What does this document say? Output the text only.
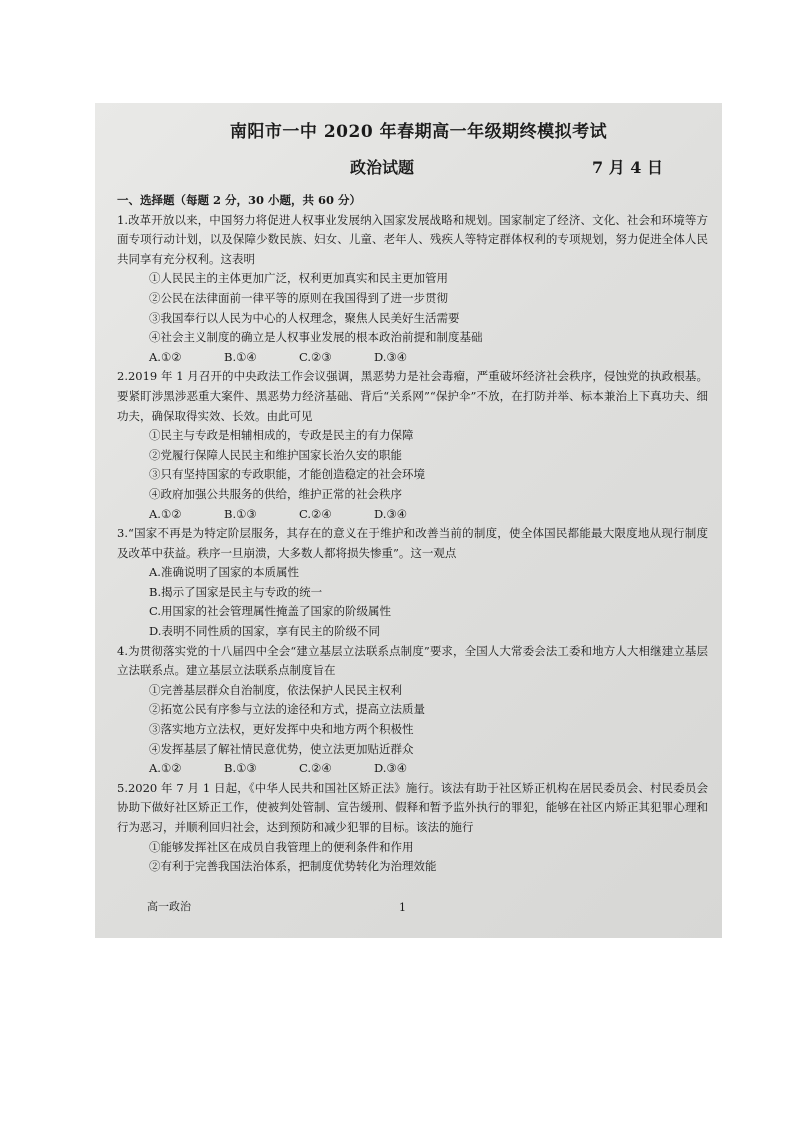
南阳市一中 2020 年春期高一年级期终模拟考试
政治试题	7 月 4 日
一、选择题（每题 2 分，30 小题，共 60 分）
1.改革开放以来，中国努力将促进人权事业发展纳入国家发展战略和规划。国家制定了经济、文化、社会和环境等方面专项行动计划，以及保障少数民族、妇女、儿童、老年人、残疾人等特定群体权利的专项规划，努力促进全体人民共同享有充分权利。这表明
①人民民主的主体更加广泛，权利更加真实和民主更加管用
②公民在法律面前一律平等的原则在我国得到了进一步贯彻
③我国奉行以人民为中心的人权理念，聚焦人民美好生活需要
④社会主义制度的确立是人权事业发展的根本政治前提和制度基础
A.①②	B.①④	C.②③	D.③④
2.2019 年 1 月召开的中央政法工作会议强调，黑恶势力是社会毒瘤，严重破坏经济社会秩序，侵蚀党的执政根基。要紧盯涉黑涉恶重大案件、黑恶势力经济基础、背后“关系网”“保护伞”不放，在打防并举、标本兼治上下真功夫、细功夫，确保取得实效、长效。由此可见
①民主与专政是相辅相成的，专政是民主的有力保障
②党履行保障人民民主和维护国家长治久安的职能
③只有坚持国家的专政职能，才能创造稳定的社会环境
④政府加强公共服务的供给，维护正常的社会秩序
A.①②	B.①③	C.②④	D.③④
3.“国家不再是为特定阶层服务，其存在的意义在于维护和改善当前的制度，使全体国民都能最大限度地从现行制度及改革中获益。秩序一旦崩溃，大多数人都将损失惨重”。这一观点
A.准确说明了国家的本质属性
B.揭示了国家是民主与专政的统一
C.用国家的社会管理属性掩盖了国家的阶级属性
D.表明不同性质的国家，享有民主的阶级不同
4.为贯彻落实党的十八届四中全会“建立基层立法联系点制度”要求，全国人大常委会法工委和地方人大相继建立基层立法联系点。建立基层立法联系点制度旨在
①完善基层群众自治制度，依法保护人民民主权利
②拓宽公民有序参与立法的途径和方式，提高立法质量
③落实地方立法权，更好发挥中央和地方两个积极性
④发挥基层了解社情民意优势，使立法更加贴近群众
A.①②	B.①③	C.②④	D.③④
5.2020 年 7 月 1 日起，《中华人民共和国社区矫正法》施行。该法有助于社区矫正机构在居民委员会、村民委员会协助下做好社区矫正工作，使被判处管制、宣告缓刑、假释和暂予监外执行的罪犯，能够在社区内矫正其犯罪心理和行为恶习，并顺利回归社会，达到预防和减少犯罪的目标。该法的施行
①能够发挥社区在成员自我管理上的便利条件和作用
②有利于完善我国法治体系，把制度优势转化为治理效能
高一政治	1
